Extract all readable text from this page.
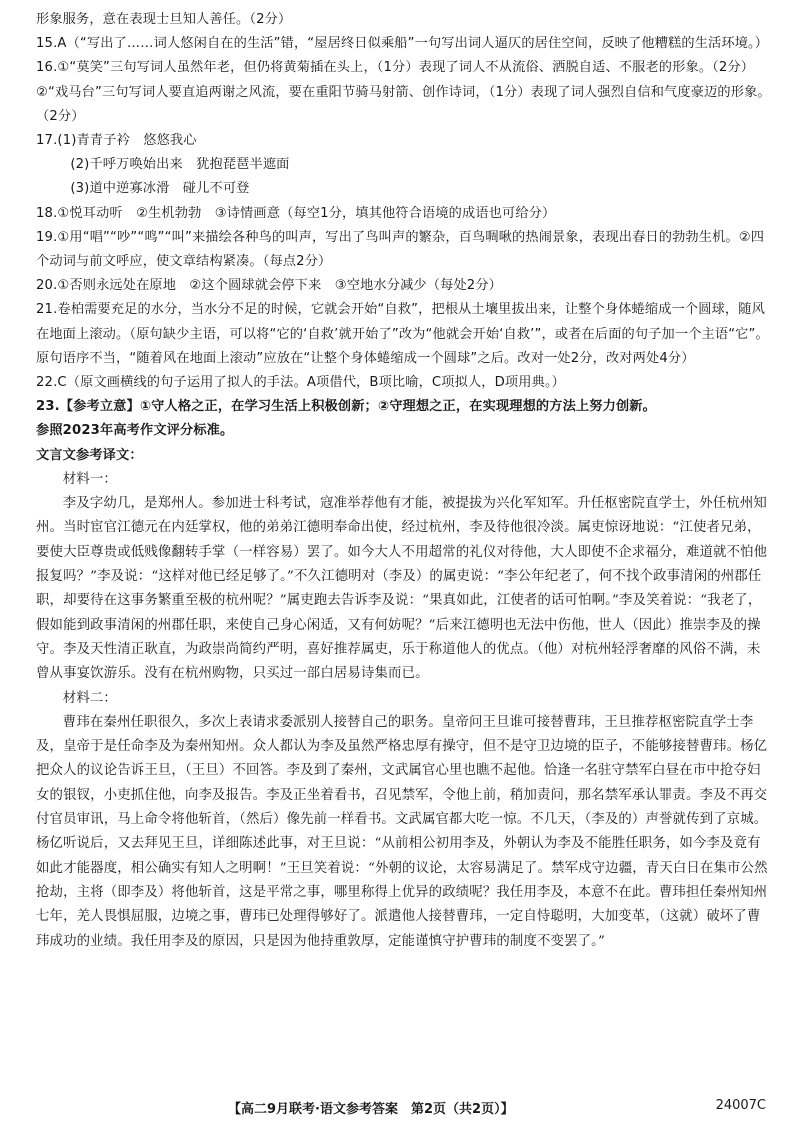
形象服务，意在表现士旦知人善任。（2分）

15.A（“写出了……词人悠闲自在的生活”错，“屋居终日似乘船”一句写出词人逼仄的居住空间，反映了他糟糕的生活环境。）

16.①“莫笑”三句写词人虽然年老，但仍将黄菊插在头上，（1分）表现了词人不从流俗、洒脱自适、不服老的形象。（2分）②“戏马台”三句写词人要直追两谢之风流，要在重阳节骑马射箭、创作诗词，（1分）表现了词人强烈自信和气度豪迈的形象。（2分）

17.(1)青青子衿　悠悠我心

(2)千呼万唤始出来　犹抱琵琶半遮面

(3)道中逆寡冰滑　碰儿不可登

18.①悦耳动听　②生机勃勃　③诗情画意（每空1分，填其他符合语境的成语也可给分）

19.①用“唱”“吵”“鸣”“叫”来描绘各种鸟的叫声，写出了鸟叫声的繁杂，百鸟啁啾的热闹景象，表现出春日的勃勃生机。②四个动词与前文呼应，使文章结构紧凑。（每点2分）

20.①否则永远处在原地　②这个圆球就会停下来　③空地水分减少（每处2分）

21.卷柏需要充足的水分，当水分不足的时候，它就会开始“自救”，把根从土壤里拔出来，让整个身体蜷缩成一个圆球，随风在地面上滚动。（原句缺少主语，可以将“它的‘自救’就开始了”改为“他就会开始‘自救’”，或者在后面的句子加一个主语“它”。原句语序不当，“随着风在地面上滚动”应放在“让整个身体蜷缩成一个圆球”之后。改对一处2分，改对两处4分）

22.C（原文画横线的句子运用了拟人的手法。A项借代，B项比喻，C项拟人，D项用典。）

23.【参考立意】①守人格之正，在学习生活上积极创新；②守理想之正，在实现理想的方法上努力创新。

参照2023年高考作文评分标准。

文言文参考译文：

材料一：

李及字幼几，是郑州人。参加进士科考试，寇准举荐他有才能，被提拔为兴化军知军。升任枢密院直学士，外任杭州知州。当时宦官江德元在内廷掌权，他的弟弟江德明奉命出使，经过杭州，李及待他很冷淡。属吏惊讶地说：“江使者兄弟，要使大臣尊贵或低贱像翻转手掌（一样容易）罢了。如今大人不用超常的礼仪对待他，大人即使不企求福分，难道就不怕他报复吗？”李及说：“这样对他已经足够了。”不久江德明对（李及）的属吏说：“李公年纪老了，何不找个政事清闲的州郡任职，却要待在这事务繁重至极的杭州呢？”属吏跑去告诉李及说：“果真如此，江使者的话可怕啊。”李及笑着说：“我老了，假如能到政事清闲的州郡任职，来使自己身心闲适，又有何妨呢？”后来江德明也无法中伤他，世人（因此）推崇李及的操守。李及天性清正耿直，为政崇尚简约严明，喜好推荐属吏，乐于称道他人的优点。（他）对杭州轻浮奢靡的风俗不满，未曾从事宴饮游乐。没有在杭州购物，只买过一部白居易诗集而已。

材料二：

曹玮在秦州任职很久，多次上表请求委派别人接替自己的职务。皇帝问王旦谁可接替曹玮，王旦推荐枢密院直学士李及，皇帝于是任命李及为秦州知州。众人都认为李及虽然严格忠厚有操守，但不是守卫边境的臣子，不能够接替曹玮。杨亿把众人的议论告诉王旦，（王旦）不回答。李及到了秦州，文武属官心里也瞧不起他。恰逢一名驻守禁军白昼在市中抢夺妇女的银钗，小吏抓住他，向李及报告。李及正坐着看书，召见禁军，令他上前，稍加责问，那名禁军承认罪责。李及不再交付官员审讯，马上命令将他斩首，（然后）像先前一样看书。文武属官都大吃一惊。不几天，（李及的）声誉就传到了京城。杨亿听说后，又去拜见王旦，详细陈述此事，对王旦说：“从前相公初用李及，外朝认为李及不能胜任职务，如今李及竟有如此才能器度，相公确实有知人之明啊！”王旦笑着说：“外朝的议论，太容易满足了。禁军戍守边疆，青天白日在集市公然抢劫，主将（即李及）将他斩首，这是平常之事，哪里称得上优异的政绩呢？我任用李及，本意不在此。曹玮担任秦州知州七年，羌人畏惧屈服，边境之事，曹玮已处理得够好了。派遣他人接替曹玮，一定自恃聪明，大加变革，（这就）破坏了曹玮成功的业绩。我任用李及的原因，只是因为他持重敦厚，定能谨慎守护曹玮的制度不变罢了。”

【高二9月联考·语文参考答案　第2页（共2页）】	24007C
